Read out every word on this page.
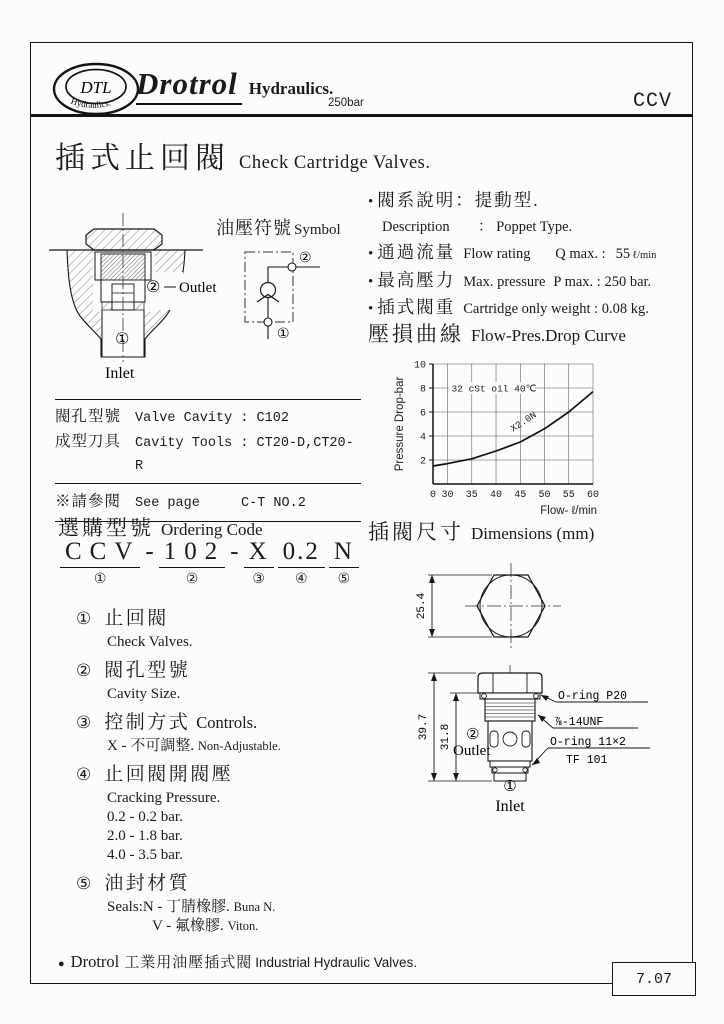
DTL
Hydraulics.
Drotrol Hydraulics.
250bar	CCV
插式止回閥 Check Cartridge Valves.
② Outlet
①
Inlet
油壓符號 Symbol
②
①
• 閥系說明：提動型.
Description	： Poppet Type.
• 通過流量 Flow rating	Q max. : 55 ℓ/min
• 最高壓力 Max. pressure P max. : 250 bar.
• 插式閥重 Cartridge only weight : 0.08 kg.
壓損曲線 Flow-Pres.Drop Curve
2
4
6
8
10
30 35 40 45 50 55 60
0
32 cSt oil 40℃
X2.0N
Pressure Drop-bar
Flow- ℓ/min
閥孔型號	Valve Cavity : C102
成型刀具	Cavity Tools : CT20-D,CT20-R
※請參閱	See page	C-T NO.2
選購型號 Ordering Code
CCV
①
- 102
②
- X
③
0.2
④
N
⑤
① 止回閥
Check Valves.
② 閥孔型號
Cavity Size.
③ 控制方式 Controls.
X - 不可調整. Non-Adjustable.
④ 止回閥開閥壓
Cracking Pressure.
0.2 - 0.2 bar.
2.0 - 1.8 bar.
4.0 - 3.5 bar.
⑤ 油封材質
Seals:N - 丁腈橡膠. Buna N.
V - 氟橡膠. Viton.
插閥尺寸 Dimensions (mm)
25.4
39.7 31.8
O-ring P20
⅞-14UNF
O-ring 11×2
TF 101
②
Outlet
①
Inlet
● Drotrol 工業用油壓插式閥 Industrial Hydraulic Valves.
7.07
